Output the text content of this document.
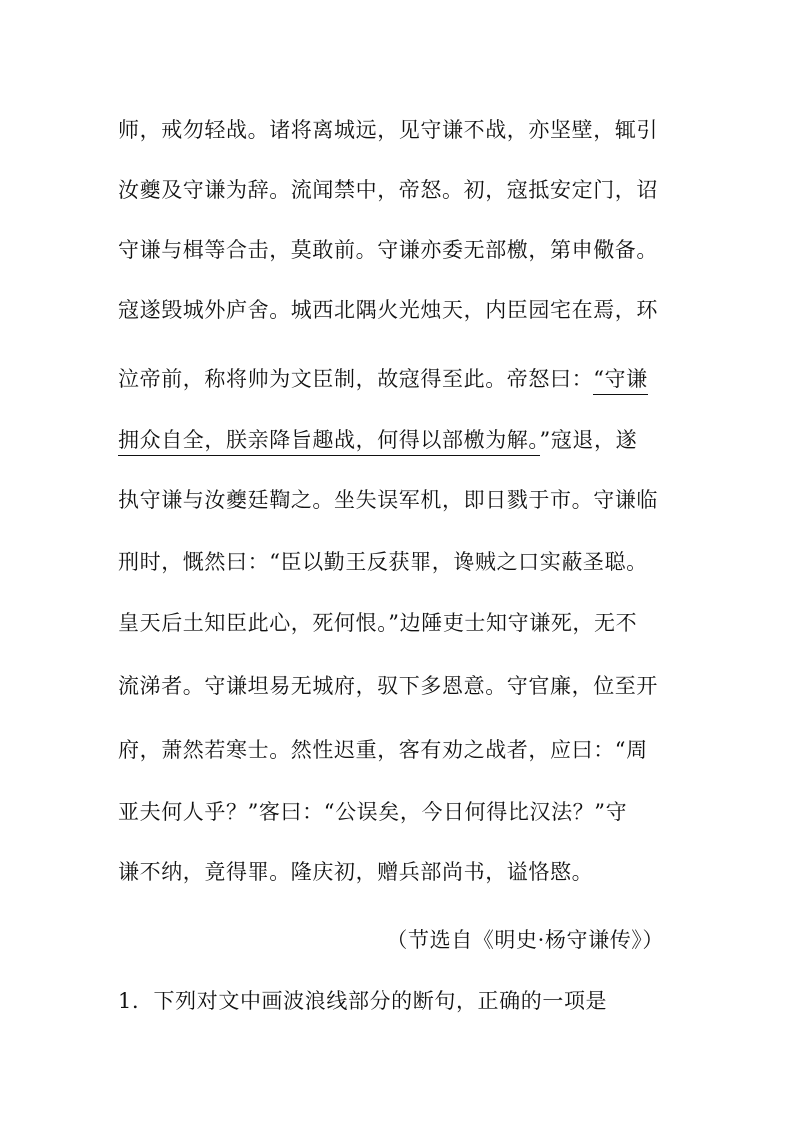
师，戒勿轻战。诸将离城远，见守谦不战，亦坚壁，辄引
汝夔及守谦为辞。流闻禁中，帝怒。初，寇抵安定门，诏
守谦与楫等合击，莫敢前。守谦亦委无部檄，第申儆备。
寇遂毁城外庐舍。城西北隅火光烛天，内臣园宅在焉，环
泣帝前，称将帅为文臣制，故寇得至此。帝怒曰：“守谦
拥众自全，朕亲降旨趣战，何得以部檄为解。”寇退，遂
执守谦与汝夔廷鞫之。坐失误军机，即日戮于市。守谦临
刑时，慨然曰：“臣以勤王反获罪，谗贼之口实蔽圣聪。
皇天后土知臣此心，死何恨。”边陲吏士知守谦死，无不
流涕者。守谦坦易无城府，驭下多恩意。守官廉，位至开
府，萧然若寒士。然性迟重，客有劝之战者，应曰：“周
亚夫何人乎？”客曰：“公误矣，今日何得比汉法？”守
谦不纳，竟得罪。隆庆初，赠兵部尚书，谥恪愍。
（节选自《明史·杨守谦传》）
1．下列对文中画波浪线部分的断句，正确的一项是
